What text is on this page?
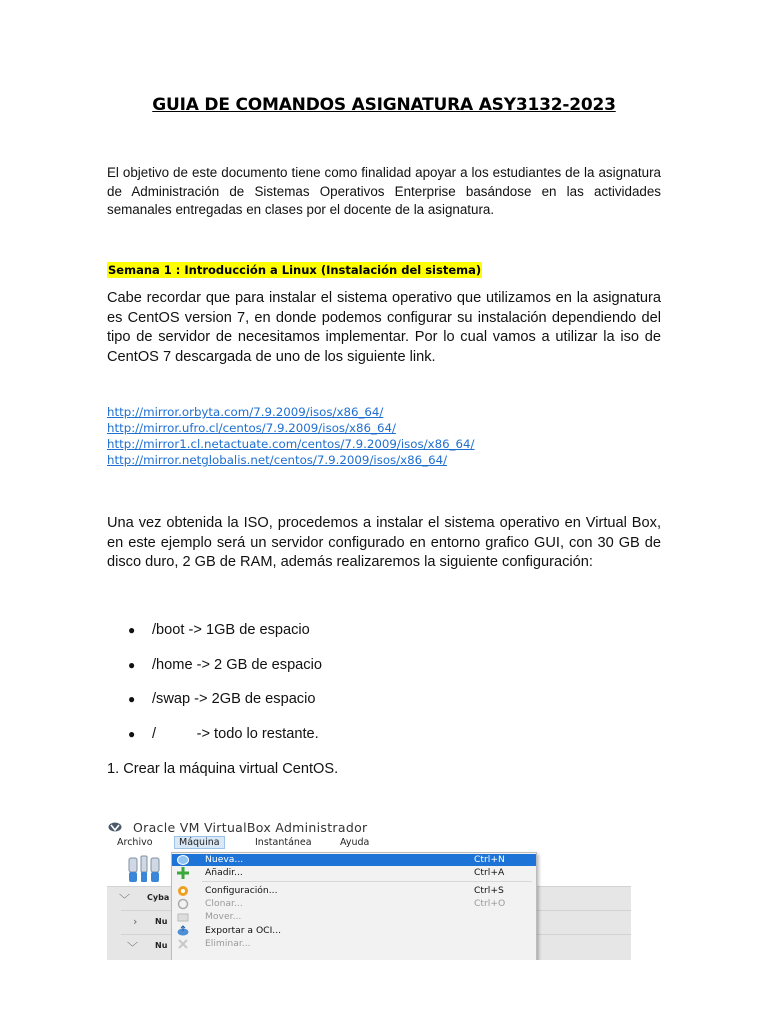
GUIA DE COMANDOS ASIGNATURA ASY3132-2023

El objetivo de este documento tiene como finalidad apoyar a los estudiantes de la asignatura de Administración de Sistemas Operativos Enterprise basándose en las actividades semanales entregadas en clases por el docente de la asignatura.

Semana 1 : Introducción a Linux (Instalación del sistema)

Cabe recordar que para instalar el sistema operativo que utilizamos en la asignatura es CentOS version 7, en donde podemos configurar su instalación dependiendo del tipo de servidor de necesitamos implementar. Por lo cual vamos a utilizar la iso de CentOS 7 descargada de uno de los siguiente link.

http://mirror.orbyta.com/7.9.2009/isos/x86_64/
http://mirror.ufro.cl/centos/7.9.2009/isos/x86_64/
http://mirror1.cl.netactuate.com/centos/7.9.2009/isos/x86_64/
http://mirror.netglobalis.net/centos/7.9.2009/isos/x86_64/

Una vez obtenida la ISO, procedemos a instalar el sistema operativo en Virtual Box, en este ejemplo será un servidor configurado en entorno grafico GUI, con 30 GB de disco duro, 2 GB de RAM, además realizaremos la siguiente configuración:

● /boot -> 1GB de espacio
● /home -> 2 GB de espacio
● /swap -> 2GB de espacio
● /          -> todo lo restante.

1. Crear la máquina virtual CentOS.

Oracle VM VirtualBox Administrador
Archivo	Máquina	Instantánea	Ayuda
﹀ Cyba
› Nu
﹀ Nu
Nueva...	Ctrl+N
Añadir...	Ctrl+A
Configuración...	Ctrl+S
Clonar...	Ctrl+O
Mover...
Exportar a OCI...
Eliminar...
